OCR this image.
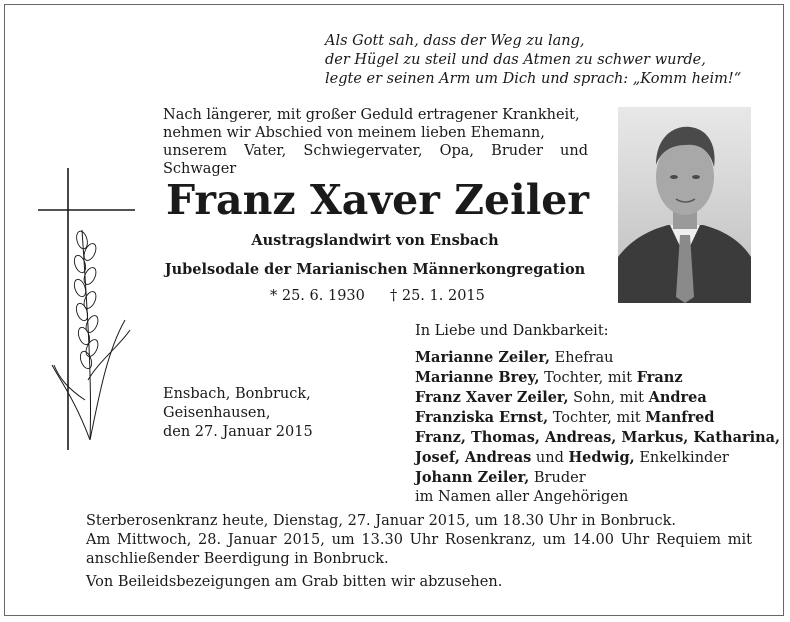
Als Gott sah, dass der Weg zu lang,
der Hügel zu steil und das Atmen zu schwer wurde,
legte er seinen Arm um Dich und sprach: „Komm heim!“
Nach längerer, mit großer Geduld ertragener Krankheit,
nehmen wir Abschied von meinem lieben Ehemann,
unserem Vater, Schwiegervater, Opa, Bruder und Schwager
Franz Xaver Zeiler
Austragslandwirt von Ensbach
Jubelsodale der Marianischen Männerkongregation
* 25. 6. 1930 † 25. 1. 2015
In Liebe und Dankbarkeit:
Marianne Zeiler, Ehefrau
Marianne Brey, Tochter, mit Franz
Franz Xaver Zeiler, Sohn, mit Andrea
Franziska Ernst, Tochter, mit Manfred
Franz, Thomas, Andreas, Markus, Katharina,
Josef, Andreas und Hedwig, Enkelkinder
Johann Zeiler, Bruder
im Namen aller Angehörigen
Ensbach, Bonbruck,
Geisenhausen,
den 27. Januar 2015
Sterberosenkranz heute, Dienstag, 27. Januar 2015, um 18.30 Uhr in Bonbruck.
Am Mittwoch, 28. Januar 2015, um 13.30 Uhr Rosenkranz, um 14.00 Uhr Requiem mit
anschließender Beerdigung in Bonbruck.
Von Beileidsbezeigungen am Grab bitten wir abzusehen.
